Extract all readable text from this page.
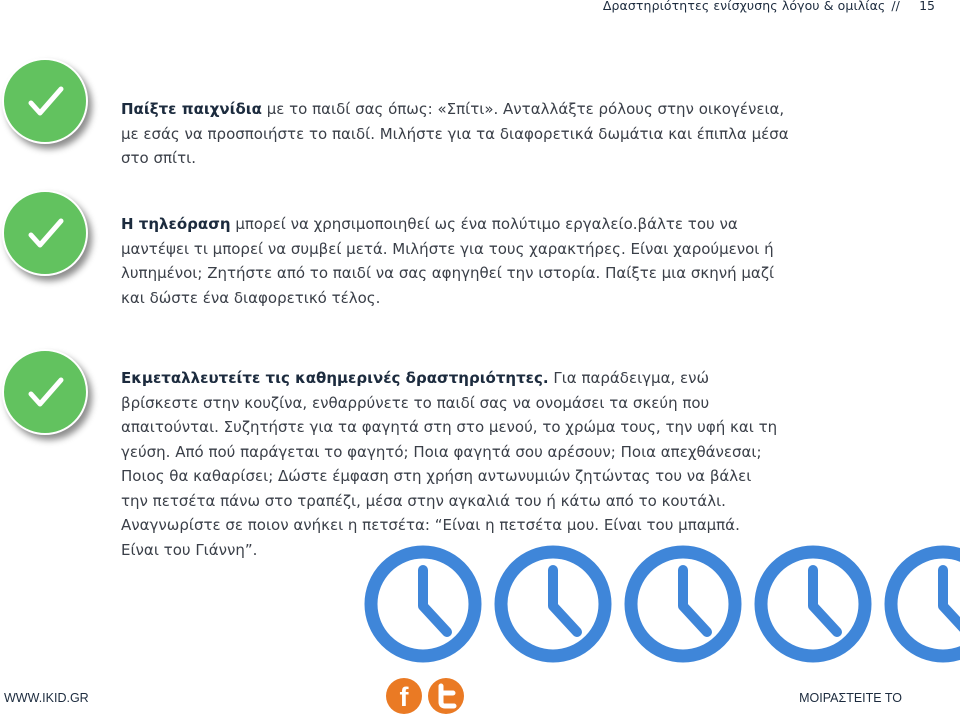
Δραστηριότητες ενίσχυσης λόγου & ομιλίας //	15
Παίξτε παιχνίδια με το παιδί σας όπως: «Σπίτι». Ανταλλάξτε ρόλους στην οικογένεια, με εσάς να προσποιήστε το παιδί. Μιλήστε για τα διαφορετικά δωμάτια και έπιπλα μέσα στο σπίτι.
Η τηλεόραση μπορεί να χρησιμοποιηθεί ως ένα πολύτιμο εργαλείο.βάλτε του να μαντέψει τι μπορεί να συμβεί μετά. Μιλήστε για τους χαρακτήρες. Είναι χαρούμενοι ή λυπημένοι; Ζητήστε από το παιδί να σας αφηγηθεί την ιστορία. Παίξτε μια σκηνή μαζί και δώστε ένα διαφορετικό τέλος.
Εκμεταλλευτείτε τις καθημερινές δραστηριότητες. Για παράδειγμα, ενώ βρίσκεστε στην κουζίνα, ενθαρρύνετε το παιδί σας να ονομάσει τα σκεύη που απαιτούνται. Συζητήστε για τα φαγητά στη στο μενού, το χρώμα τους, την υφή και τη γεύση. Από πού παράγεται το φαγητό; Ποια φαγητά σου αρέσουν; Ποια απεχθάνεσαι; Ποιος θα καθαρίσει; Δώστε έμφαση στη χρήση αντωνυμιών ζητώντας του να βάλει την πετσέτα πάνω στο τραπέζι, μέσα στην αγκαλιά του ή κάτω από το κουτάλι. Αναγνωρίστε σε ποιον ανήκει η πετσέτα: “Είναι η πετσέτα μου. Είναι του μπαμπά. Είναι του Γιάννη”.
WWW.IKID.GR	f	ΜΟΙΡΑΣΤΕΙΤΕ ΤΟ
